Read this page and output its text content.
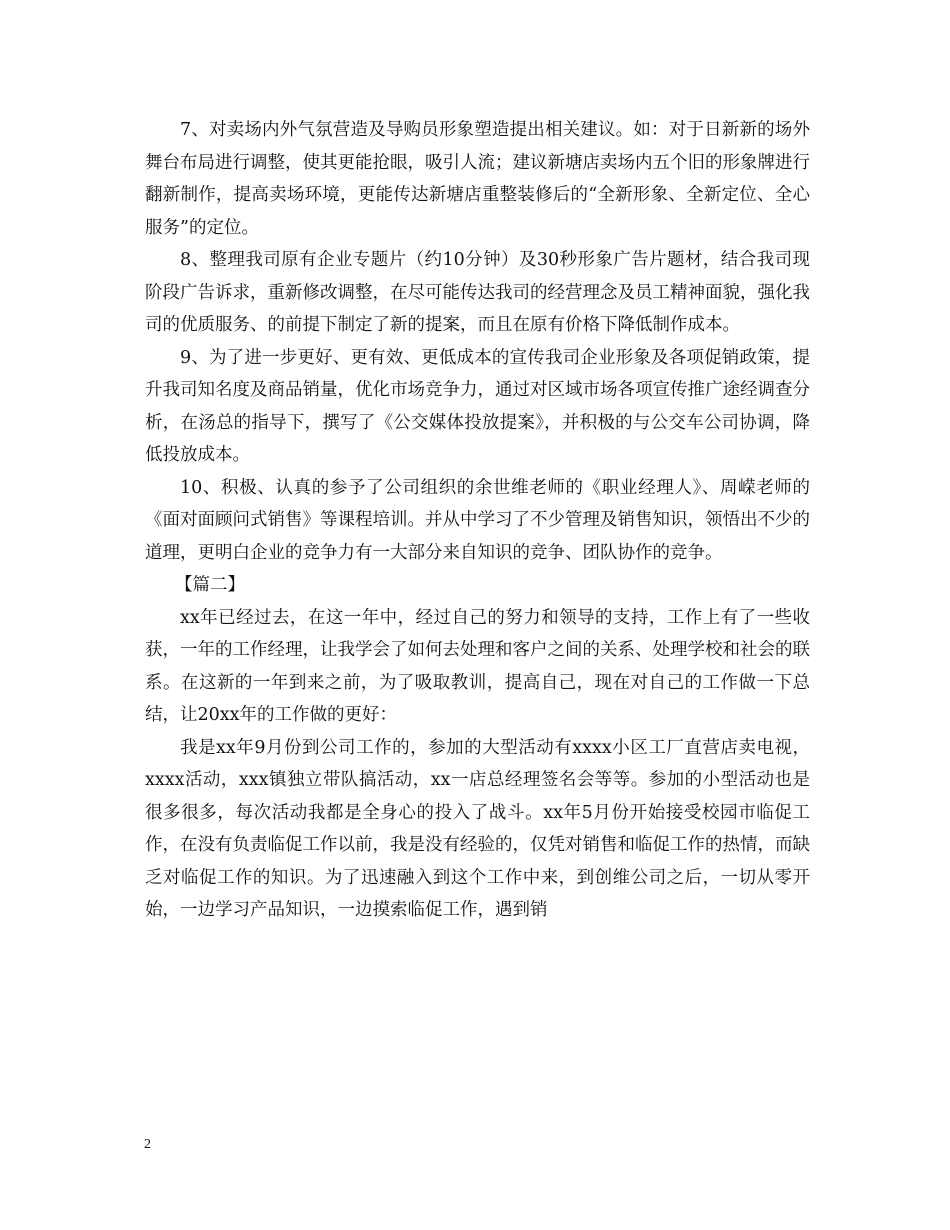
7、对卖场内外气氛营造及导购员形象塑造提出相关建议。如：对于日新新的场外舞台布局进行调整，使其更能抢眼，吸引人流；建议新塘店卖场内五个旧的形象牌进行翻新制作，提高卖场环境，更能传达新塘店重整装修后的“全新形象、全新定位、全心服务”的定位。

8、整理我司原有企业专题片（约10分钟）及30秒形象广告片题材，结合我司现阶段广告诉求，重新修改调整，在尽可能传达我司的经营理念及员工精神面貌，强化我司的优质服务、的前提下制定了新的提案，而且在原有价格下降低制作成本。

9、为了进一步更好、更有效、更低成本的宣传我司企业形象及各项促销政策，提升我司知名度及商品销量，优化市场竞争力，通过对区域市场各项宣传推广途经调查分析，在汤总的指导下，撰写了《公交媒体投放提案》，并积极的与公交车公司协调，降低投放成本。

10、积极、认真的参予了公司组织的余世维老师的《职业经理人》、周嵘老师的《面对面顾问式销售》等课程培训。并从中学习了不少管理及销售知识，领悟出不少的道理，更明白企业的竞争力有一大部分来自知识的竞争、团队协作的竞争。

【篇二】

xx年已经过去，在这一年中，经过自己的努力和领导的支持，工作上有了一些收获，一年的工作经理，让我学会了如何去处理和客户之间的关系、处理学校和社会的联系。在这新的一年到来之前，为了吸取教训，提高自己，现在对自己的工作做一下总结，让20xx年的工作做的更好：

我是xx年9月份到公司工作的，参加的大型活动有xxxx小区工厂直营店卖电视，xxxx活动，xxx镇独立带队搞活动，xx一店总经理签名会等等。参加的小型活动也是很多很多，每次活动我都是全身心的投入了战斗。xx年5月份开始接受校园市临促工作，在没有负责临促工作以前，我是没有经验的，仅凭对销售和临促工作的热情，而缺乏对临促工作的知识。为了迅速融入到这个工作中来，到创维公司之后，一切从零开始，一边学习产品知识，一边摸索临促工作，遇到销

2
